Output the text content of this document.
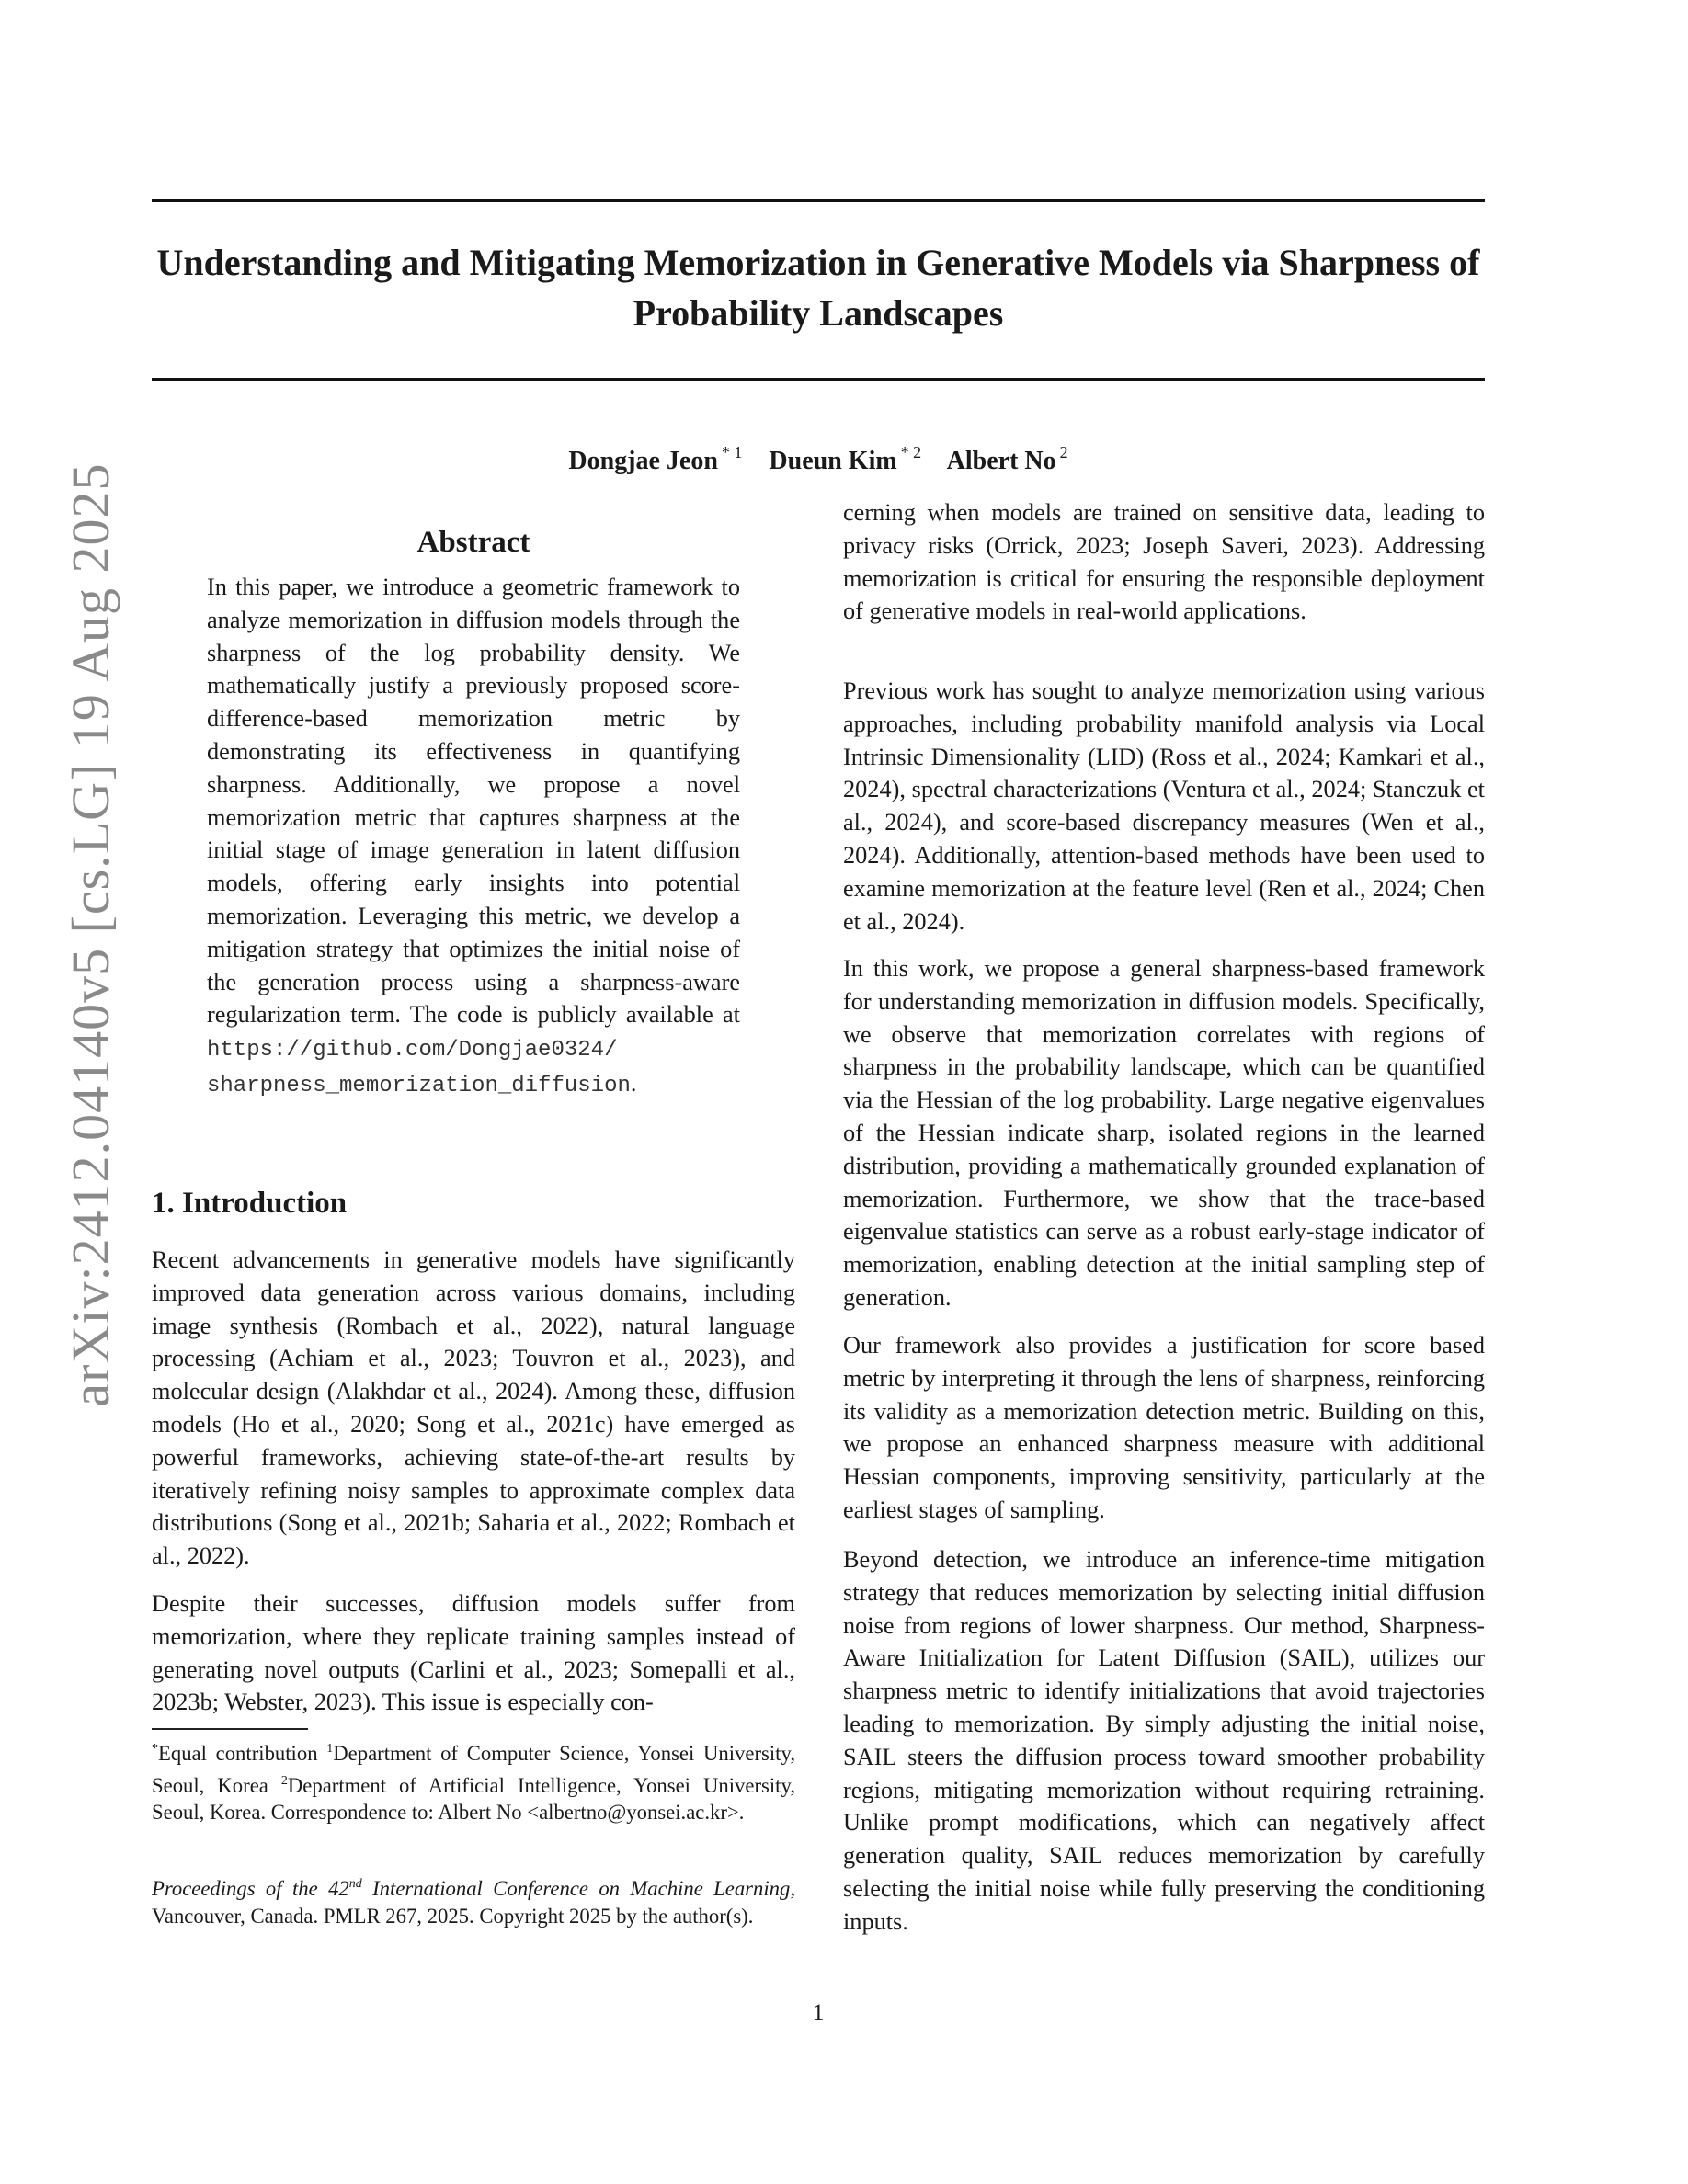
arXiv:2412.04140v5 [cs.LG] 19 Aug 2025
Understanding and Mitigating Memorization in Generative Models via Sharpness of Probability Landscapes
Dongjae Jeon $^{* 1}$ Dueun Kim $^{* 2}$ Albert No $^2$
Abstract

In this paper, we introduce a geometric framework to analyze memorization in diffusion models through the sharpness of the log probability density. We mathematically justify a previously proposed score-difference-based memorization metric by demonstrating its effectiveness in quantifying sharpness. Additionally, we propose a novel memorization metric that captures sharpness at the initial stage of image generation in latent diffusion models, offering early insights into potential memorization. Leveraging this metric, we develop a mitigation strategy that optimizes the initial noise of the generation process using a sharpness-aware regularization term. The code is publicly available at https://github.com/Dongjae0324/
sharpness_memorization_diffusion.

1. Introduction

Recent advancements in generative models have significantly improved data generation across various domains, including image synthesis (Rombach et al., 2022), natural language processing (Achiam et al., 2023; Touvron et al., 2023), and molecular design (Alakhdar et al., 2024). Among these, diffusion models (Ho et al., 2020; Song et al., 2021c) have emerged as powerful frameworks, achieving state-of-the-art results by iteratively refining noisy samples to approximate complex data distributions (Song et al., 2021b; Saharia et al., 2022; Rombach et al., 2022).

Despite their successes, diffusion models suffer from memorization, where they replicate training samples instead of generating novel outputs (Carlini et al., 2023; Somepalli et al., 2023b; Webster, 2023). This issue is especially con-

cerning when models are trained on sensitive data, leading to privacy risks (Orrick, 2023; Joseph Saveri, 2023). Addressing memorization is critical for ensuring the responsible deployment of generative models in real-world applications.

Previous work has sought to analyze memorization using various approaches, including probability manifold analysis via Local Intrinsic Dimensionality (LID) (Ross et al., 2024; Kamkari et al., 2024), spectral characterizations (Ventura et al., 2024; Stanczuk et al., 2024), and score-based discrepancy measures (Wen et al., 2024). Additionally, attention-based methods have been used to examine memorization at the feature level (Ren et al., 2024; Chen et al., 2024).

In this work, we propose a general sharpness-based framework for understanding memorization in diffusion models. Specifically, we observe that memorization correlates with regions of sharpness in the probability landscape, which can be quantified via the Hessian of the log probability. Large negative eigenvalues of the Hessian indicate sharp, isolated regions in the learned distribution, providing a mathematically grounded explanation of memorization. Furthermore, we show that the trace-based eigenvalue statistics can serve as a robust early-stage indicator of memorization, enabling detection at the initial sampling step of generation.

Our framework also provides a justification for score based metric by interpreting it through the lens of sharpness, reinforcing its validity as a memorization detection metric. Building on this, we propose an enhanced sharpness measure with additional Hessian components, improving sensitivity, particularly at the earliest stages of sampling.

Beyond detection, we introduce an inference-time mitigation strategy that reduces memorization by selecting initial diffusion noise from regions of lower sharpness. Our method, Sharpness-Aware Initialization for Latent Diffusion (SAIL), utilizes our sharpness metric to identify initializations that avoid trajectories leading to memorization. By simply adjusting the initial noise, SAIL steers the diffusion process toward smoother probability regions, mitigating memorization without requiring retraining. Unlike prompt modifications, which can negatively affect generation quality, SAIL reduces memorization by carefully selecting the initial noise while fully preserving the conditioning inputs.

*Equal contribution $^1$Department of Computer Science, Yonsei University, Seoul, Korea $^2$Department of Artificial Intelligence, Yonsei University, Seoul, Korea. Correspondence to: Albert No <albertno@yonsei.ac.kr>.

Proceedings of the 42nd International Conference on Machine Learning, Vancouver, Canada. PMLR 267, 2025. Copyright 2025 by the author(s).

1
